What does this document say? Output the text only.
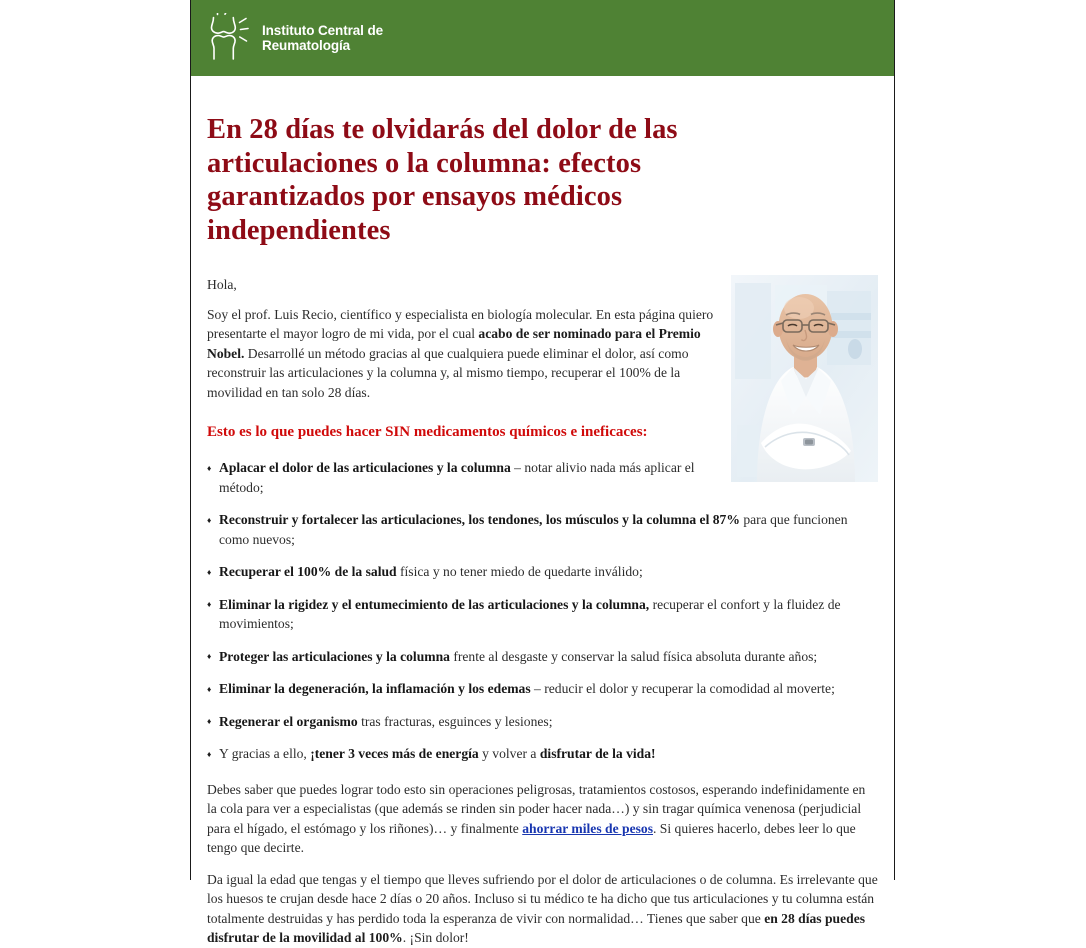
Instituto Central de
Reumatología
En 28 días te olvidarás del dolor de las articulaciones o la columna: efectos garantizados por ensayos médicos independientes

Hola,

Soy el prof. Luis Recio, científico y especialista en biología molecular. En esta página quiero presentarte el mayor logro de mi vida, por el cual acabo de ser nominado para el Premio Nobel. Desarrollé un método gracias al que cualquiera puede eliminar el dolor, así como reconstruir las articulaciones y la columna y, al mismo tiempo, recuperar el 100% de la movilidad en tan solo 28 días.

Esto es lo que puedes hacer SIN medicamentos químicos e ineficaces:

♦ Aplacar el dolor de las articulaciones y la columna – notar alivio nada más aplicar el método;
♦ Reconstruir y fortalecer las articulaciones, los tendones, los músculos y la columna el 87% para que funcionen como nuevos;
♦ Recuperar el 100% de la salud física y no tener miedo de quedarte inválido;
♦ Eliminar la rigidez y el entumecimiento de las articulaciones y la columna, recuperar el confort y la fluidez de movimientos;
♦ Proteger las articulaciones y la columna frente al desgaste y conservar la salud física absoluta durante años;
♦ Eliminar la degeneración, la inflamación y los edemas – reducir el dolor y recuperar la comodidad al moverte;
♦ Regenerar el organismo tras fracturas, esguinces y lesiones;
♦ Y gracias a ello, ¡tener 3 veces más de energía y volver a disfrutar de la vida!

Debes saber que puedes lograr todo esto sin operaciones peligrosas, tratamientos costosos, esperando indefinidamente en la cola para ver a especialistas (que además se rinden sin poder hacer nada…) y sin tragar química venenosa (perjudicial para el hígado, el estómago y los riñones)… y finalmente ahorrar miles de pesos. Si quieres hacerlo, debes leer lo que tengo que decirte.

Da igual la edad que tengas y el tiempo que lleves sufriendo por el dolor de articulaciones o de columna. Es irrelevante que los huesos te crujan desde hace 2 días o 20 años. Incluso si tu médico te ha dicho que tus articulaciones y tu columna están totalmente destruidas y has perdido toda la esperanza de vivir con normalidad… Tienes que saber que en 28 días puedes disfrutar de la movilidad al 100%. ¡Sin dolor!
